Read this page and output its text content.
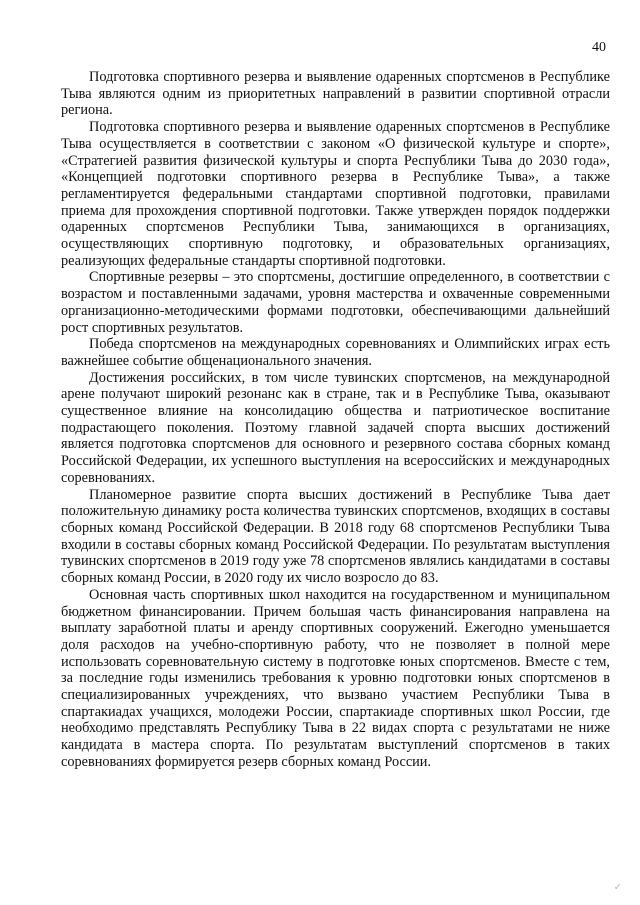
40

Подготовка спортивного резерва и выявление одаренных спортсменов в Республике Тыва являются одним из приоритетных направлений в развитии спортивной отрасли региона.

Подготовка спортивного резерва и выявление одаренных спортсменов в Республике Тыва осуществляется в соответствии с законом «О физической культуре и спорте», «Стратегией развития физической культуры и спорта Республики Тыва до 2030 года», «Концепцией подготовки спортивного резерва в Республике Тыва», а также регламентируется федеральными стандартами спортивной подготовки, правилами приема для прохождения спортивной подготовки. Также утвержден порядок поддержки одаренных спортсменов Республики Тыва, занимающихся в организациях, осуществляющих спортивную подготовку, и образовательных организациях, реализующих федеральные стандарты спортивной подготовки.

Спортивные резервы – это спортсмены, достигшие определенного, в соответствии с возрастом и поставленными задачами, уровня мастерства и охваченные современными организационно-методическими формами подготовки, обеспечивающими дальнейший рост спортивных результатов.

Победа спортсменов на международных соревнованиях и Олимпийских играх есть важнейшее событие общенационального значения.

Достижения российских, в том числе тувинских спортсменов, на международной арене получают широкий резонанс как в стране, так и в Республике Тыва, оказывают существенное влияние на консолидацию общества и патриотическое воспитание подрастающего поколения. Поэтому главной задачей спорта высших достижений является подготовка спортсменов для основного и резервного состава сборных команд Российской Федерации, их успешного выступления на всероссийских и международных соревнованиях.

Планомерное развитие спорта высших достижений в Республике Тыва дает положительную динамику роста количества тувинских спортсменов, входящих в составы сборных команд Российской Федерации. В 2018 году 68 спортсменов Республики Тыва входили в составы сборных команд Российской Федерации. По результатам выступления тувинских спортсменов в 2019 году уже 78 спортсменов являлись кандидатами в составы сборных команд России, в 2020 году их число возросло до 83.

Основная часть спортивных школ находится на государственном и муниципальном бюджетном финансировании. Причем большая часть финансирования направлена на выплату заработной платы и аренду спортивных сооружений. Ежегодно уменьшается доля расходов на учебно-спортивную работу, что не позволяет в полной мере использовать соревновательную систему в подготовке юных спортсменов. Вместе с тем, за последние годы изменились требования к уровню подготовки юных спортсменов в специализированных учреждениях, что вызвано участием Республики Тыва в спартакиадах учащихся, молодежи России, спартакиаде спортивных школ России, где необходимо представлять Республику Тыва в 22 видах спорта с результатами не ниже кандидата в мастера спорта. По результатам выступлений спортсменов в таких соревнованиях формируется резерв сборных команд России.

✓
